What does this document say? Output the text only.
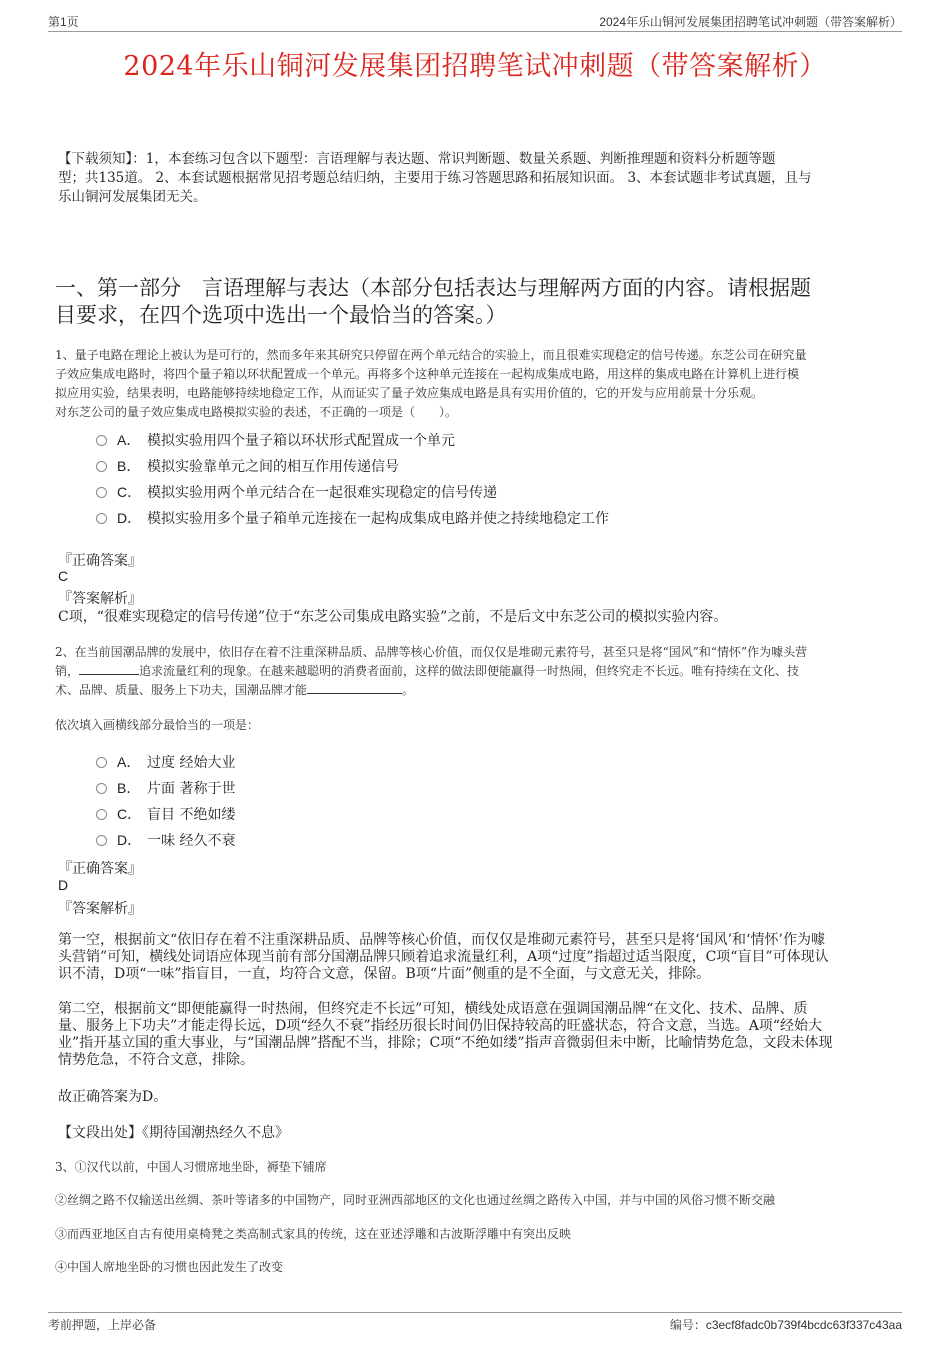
第1页	2024年乐山铜河发展集团招聘笔试冲刺题（带答案解析）
2024年乐山铜河发展集团招聘笔试冲刺题（带答案解析）
【下载须知】：1，本套练习包含以下题型：言语理解与表达题、常识判断题、数量关系题、判断推理题和资料分析题等题
型；共135道。 2、本套试题根据常见招考题总结归纳，主要用于练习答题思路和拓展知识面。 3、本套试题非考试真题，且与
乐山铜河发展集团无关。
一、第一部分　言语理解与表达（本部分包括表达与理解两方面的内容。请根据题
目要求，在四个选项中选出一个最恰当的答案。）
1、量子电路在理论上被认为是可行的，然而多年来其研究只停留在两个单元结合的实验上，而且很难实现稳定的信号传递。东芝公司在研究量
子效应集成电路时，将四个量子箱以环状配置成一个单元。再将多个这种单元连接在一起构成集成电路，用这样的集成电路在计算机上进行模
拟应用实验，结果表明，电路能够持续地稳定工作，从而证实了量子效应集成电路是具有实用价值的，它的开发与应用前景十分乐观。
对东芝公司的量子效应集成电路模拟实验的表述，不正确的一项是（　　）。
A． 模拟实验用四个量子箱以环状形式配置成一个单元
B． 模拟实验靠单元之间的相互作用传递信号
C． 模拟实验用两个单元结合在一起很难实现稳定的信号传递
D． 模拟实验用多个量子箱单元连接在一起构成集成电路并使之持续地稳定工作
『正确答案』
C
『答案解析』
C项，“很难实现稳定的信号传递”位于“东芝公司集成电路实验”之前，不是后文中东芝公司的模拟实验内容。
2、在当前国潮品牌的发展中，依旧存在着不注重深耕品质、品牌等核心价值，而仅仅是堆砌元素符号，甚至只是将“国风”和“情怀”作为噱头营
销，	追求流量红利的现象。在越来越聪明的消费者面前，这样的做法即便能赢得一时热闹，但终究走不长远。唯有持续在文化、技
术、品牌、质量、服务上下功夫，国潮品牌才能	。
依次填入画横线部分最恰当的一项是：
A． 过度 经始大业
B． 片面 著称于世
C． 盲目 不绝如缕
D． 一味 经久不衰
『正确答案』
D
『答案解析』
第一空，根据前文“依旧存在着不注重深耕品质、品牌等核心价值，而仅仅是堆砌元素符号，甚至只是将‘国风’和‘情怀’作为噱
头营销”可知，横线处词语应体现当前有部分国潮品牌只顾着追求流量红利，A项“过度”指超过适当限度，C项“盲目”可体现认
识不清，D项“一味”指盲目，一直，均符合文意，保留。B项“片面”侧重的是不全面，与文意无关，排除。
第二空，根据前文“即便能赢得一时热闹，但终究走不长远”可知，横线处成语意在强调国潮品牌“在文化、技术、品牌、质
量、服务上下功夫”才能走得长远，D项“经久不衰”指经历很长时间仍旧保持较高的旺盛状态，符合文意，当选。A项“经始大
业”指开基立国的重大事业，与“国潮品牌”搭配不当，排除；C项“不绝如缕”指声音微弱但未中断，比喻情势危急，文段未体现
情势危急，不符合文意，排除。
故正确答案为D。
【文段出处】《期待国潮热经久不息》
3、①汉代以前，中国人习惯席地坐卧，褥垫下铺席
②丝绸之路不仅输送出丝绸、茶叶等诸多的中国物产，同时亚洲西部地区的文化也通过丝绸之路传入中国，并与中国的风俗习惯不断交融
③而西亚地区自古有使用桌椅凳之类高制式家具的传统，这在亚述浮雕和古波斯浮雕中有突出反映
④中国人席地坐卧的习惯也因此发生了改变
考前押题，上岸必备	编号：c3ecf8fadc0b739f4bcdc63f337c43aa
